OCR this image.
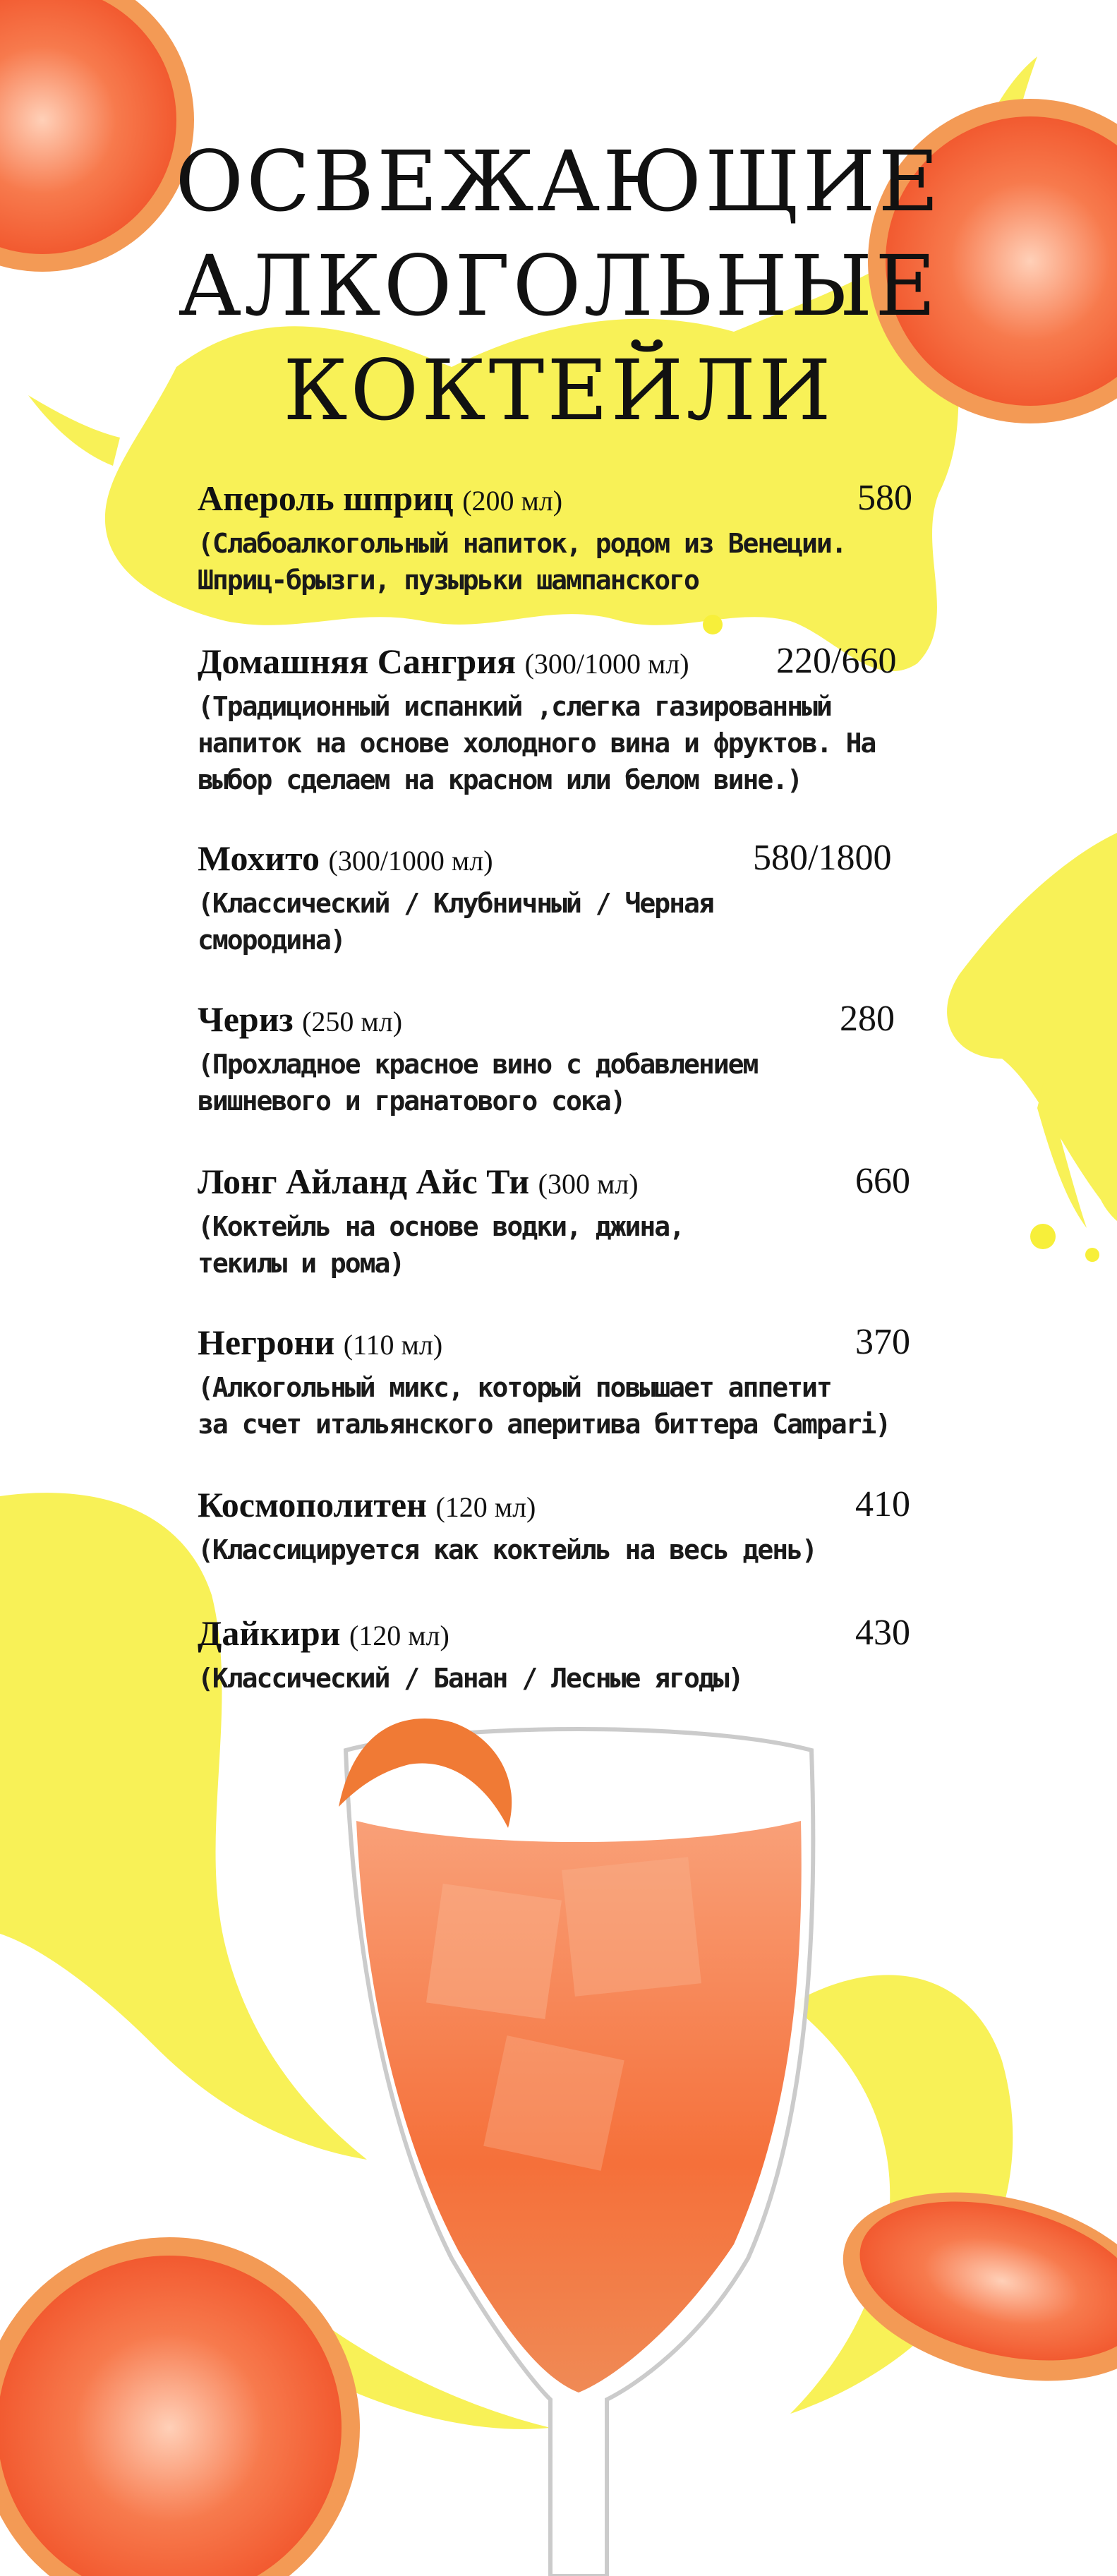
ОСВЕЖАЮЩИЕ
АЛКОГОЛЬНЫЕ
КОКТЕЙЛИ
Апероль шприц (200 мл)	580

(Слабоалкогольный напиток, родом из Венеции.
Шприц-брызги, пузырьки шампанского

Домашняя Сангрия (300/1000 мл) 220/660

(Традиционный испанкий ,слегка газированный
напиток на основе холодного вина и фруктов. На
выбор сделаем на красном или белом вине.)

Мохито (300/1000 мл)	580/1800

(Классический / Клубничный / Черная
смородина)

Чериз (250 мл)	280

(Прохладное красное вино с добавлением
вишневого и гранатового сока)

Лонг Айланд Айс Ти (300 мл)	660

(Коктейль на основе водки, джина,
текилы и рома)

Негрони (110 мл)	370

(Алкогольный микс, который повышает аппетит
за счет итальянского аперитива биттера Campari)

Космополитен (120 мл)	410

(Классицируется как коктейль на весь день)

Дайкири (120 мл)	430

(Классический / Банан / Лесные ягоды)
